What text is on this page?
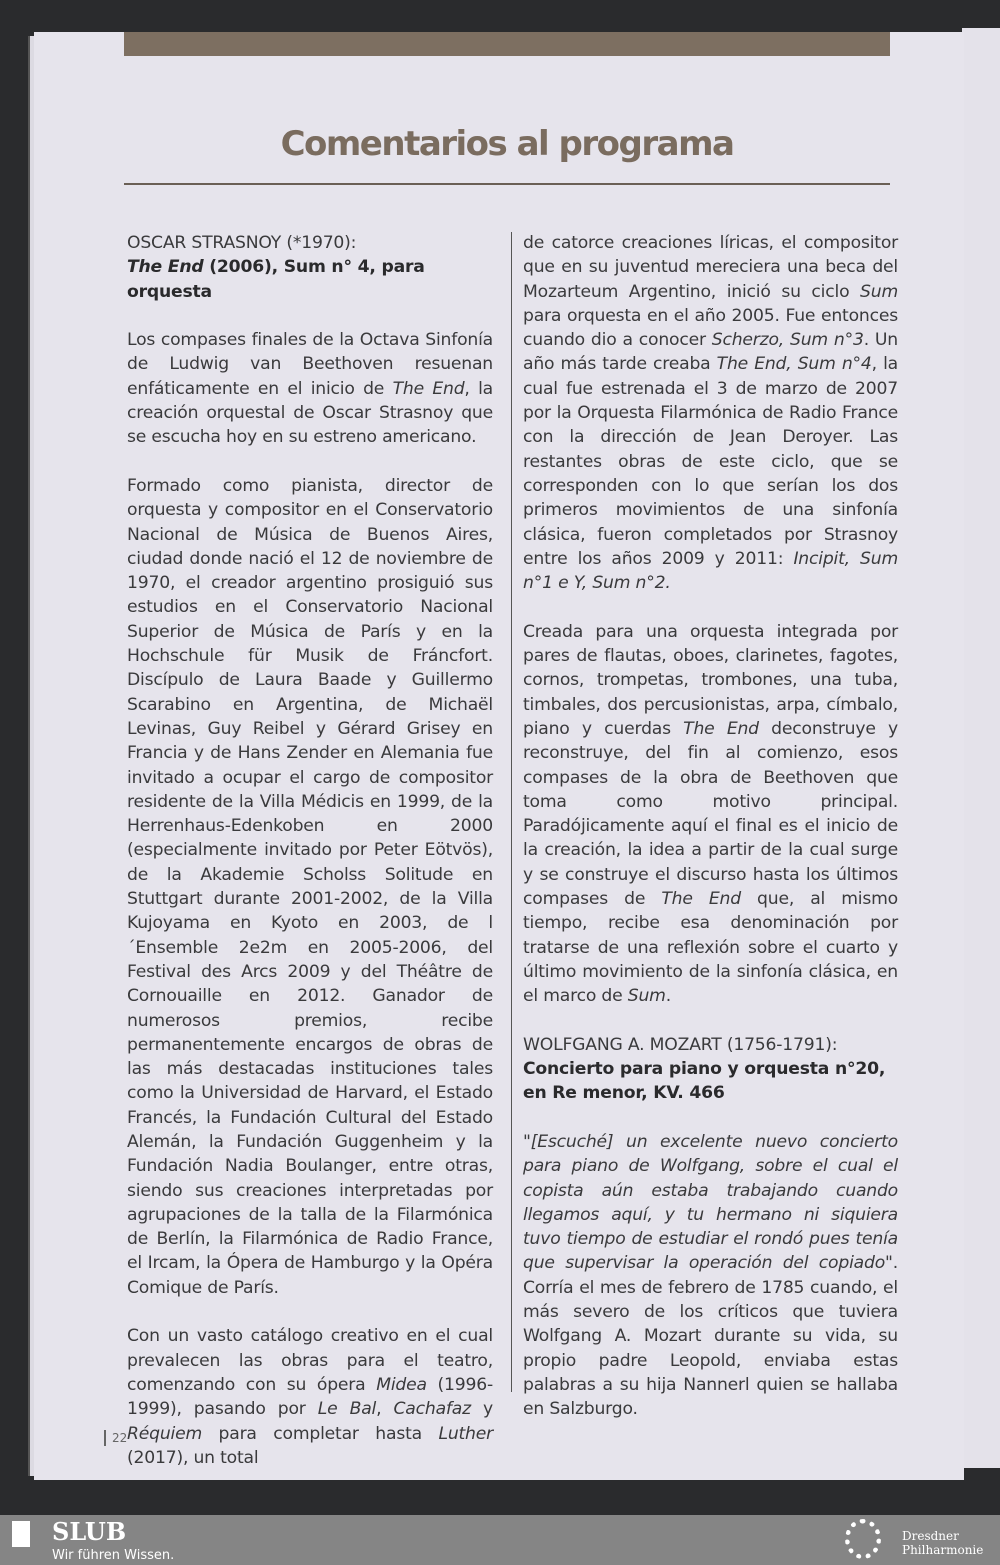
Comentarios al programa

OSCAR STRASNOY (*1970):

The End (2006), Sum n° 4, para orquesta

Los compases finales de la Octava Sinfonía de Ludwig van Beethoven resuenan enfáticamente en el inicio de The End, la creación orquestal de Oscar Strasnoy que se escucha hoy en su estreno americano.

Formado como pianista, director de orquesta y compositor en el Conservatorio Nacional de Música de Buenos Aires, ciudad donde nació el 12 de noviembre de 1970, el creador argentino prosiguió sus estudios en el Conservatorio Nacional Superior de Música de París y en la Hochschule für Musik de Fráncfort. Discípulo de Laura Baade y Guillermo Scarabino en Argentina, de Michaël Levinas, Guy Reibel y Gérard Grisey en Francia y de Hans Zender en Alemania fue invitado a ocupar el cargo de compositor residente de la Villa Médicis en 1999, de la Herrenhaus-Edenkoben en 2000 (especialmente invitado por Peter Eötvös), de la Akademie Scholss Solitude en Stuttgart durante 2001-2002, de la Villa Kujoyama en Kyoto en 2003, de l´Ensemble 2e2m en 2005-2006, del Festival des Arcs 2009 y del Théâtre de Cornouaille en 2012. Ganador de numerosos premios, recibe permanentemente encargos de obras de las más destacadas instituciones tales como la Universidad de Harvard, el Estado Francés, la Fundación Cultural del Estado Alemán, la Fundación Guggenheim y la Fundación Nadia Boulanger, entre otras, siendo sus creaciones interpretadas por agrupaciones de la talla de la Filarmónica de Berlín, la Filarmónica de Radio France, el Ircam, la Ópera de Hamburgo y la Opéra Comique de París.

Con un vasto catálogo creativo en el cual prevalecen las obras para el teatro, comenzando con su ópera Midea (1996-1999), pasando por Le Bal, Cachafaz y Réquiem para completar hasta Luther (2017), un total

de catorce creaciones líricas, el compositor que en su juventud mereciera una beca del Mozarteum Argentino, inició su ciclo Sum para orquesta en el año 2005. Fue entonces cuando dio a conocer Scherzo, Sum n°3. Un año más tarde creaba The End, Sum n°4, la cual fue estrenada el 3 de marzo de 2007 por la Orquesta Filarmónica de Radio France con la dirección de Jean Deroyer. Las restantes obras de este ciclo, que se corresponden con lo que serían los dos primeros movimientos de una sinfonía clásica, fueron completados por Strasnoy entre los años 2009 y 2011: Incipit, Sum n°1 e Y, Sum n°2.

Creada para una orquesta integrada por pares de flautas, oboes, clarinetes, fagotes, cornos, trompetas, trombones, una tuba, timbales, dos percusionistas, arpa, címbalo, piano y cuerdas The End deconstruye y reconstruye, del fin al comienzo, esos compases de la obra de Beethoven que toma como motivo principal. Paradójicamente aquí el final es el inicio de la creación, la idea a partir de la cual surge y se construye el discurso hasta los últimos compases de The End que, al mismo tiempo, recibe esa denominación por tratarse de una reflexión sobre el cuarto y último movimiento de la sinfonía clásica, en el marco de Sum.

WOLFGANG A. MOZART (1756-1791):

Concierto para piano y orquesta n°20, en Re menor, KV. 466

"[Escuché] un excelente nuevo concierto para piano de Wolfgang, sobre el cual el copista aún estaba trabajando cuando llegamos aquí, y tu hermano ni siquiera tuvo tiempo de estudiar el rondó pues tenía que supervisar la operación del copiado". Corría el mes de febrero de 1785 cuando, el más severo de los críticos que tuviera Wolfgang A. Mozart durante su vida, su propio padre Leopold, enviaba estas palabras a su hija Nannerl quien se hallaba en Salzburgo.

22
SLUB
Wir führen Wissen.
Dresdner
Philharmonie
